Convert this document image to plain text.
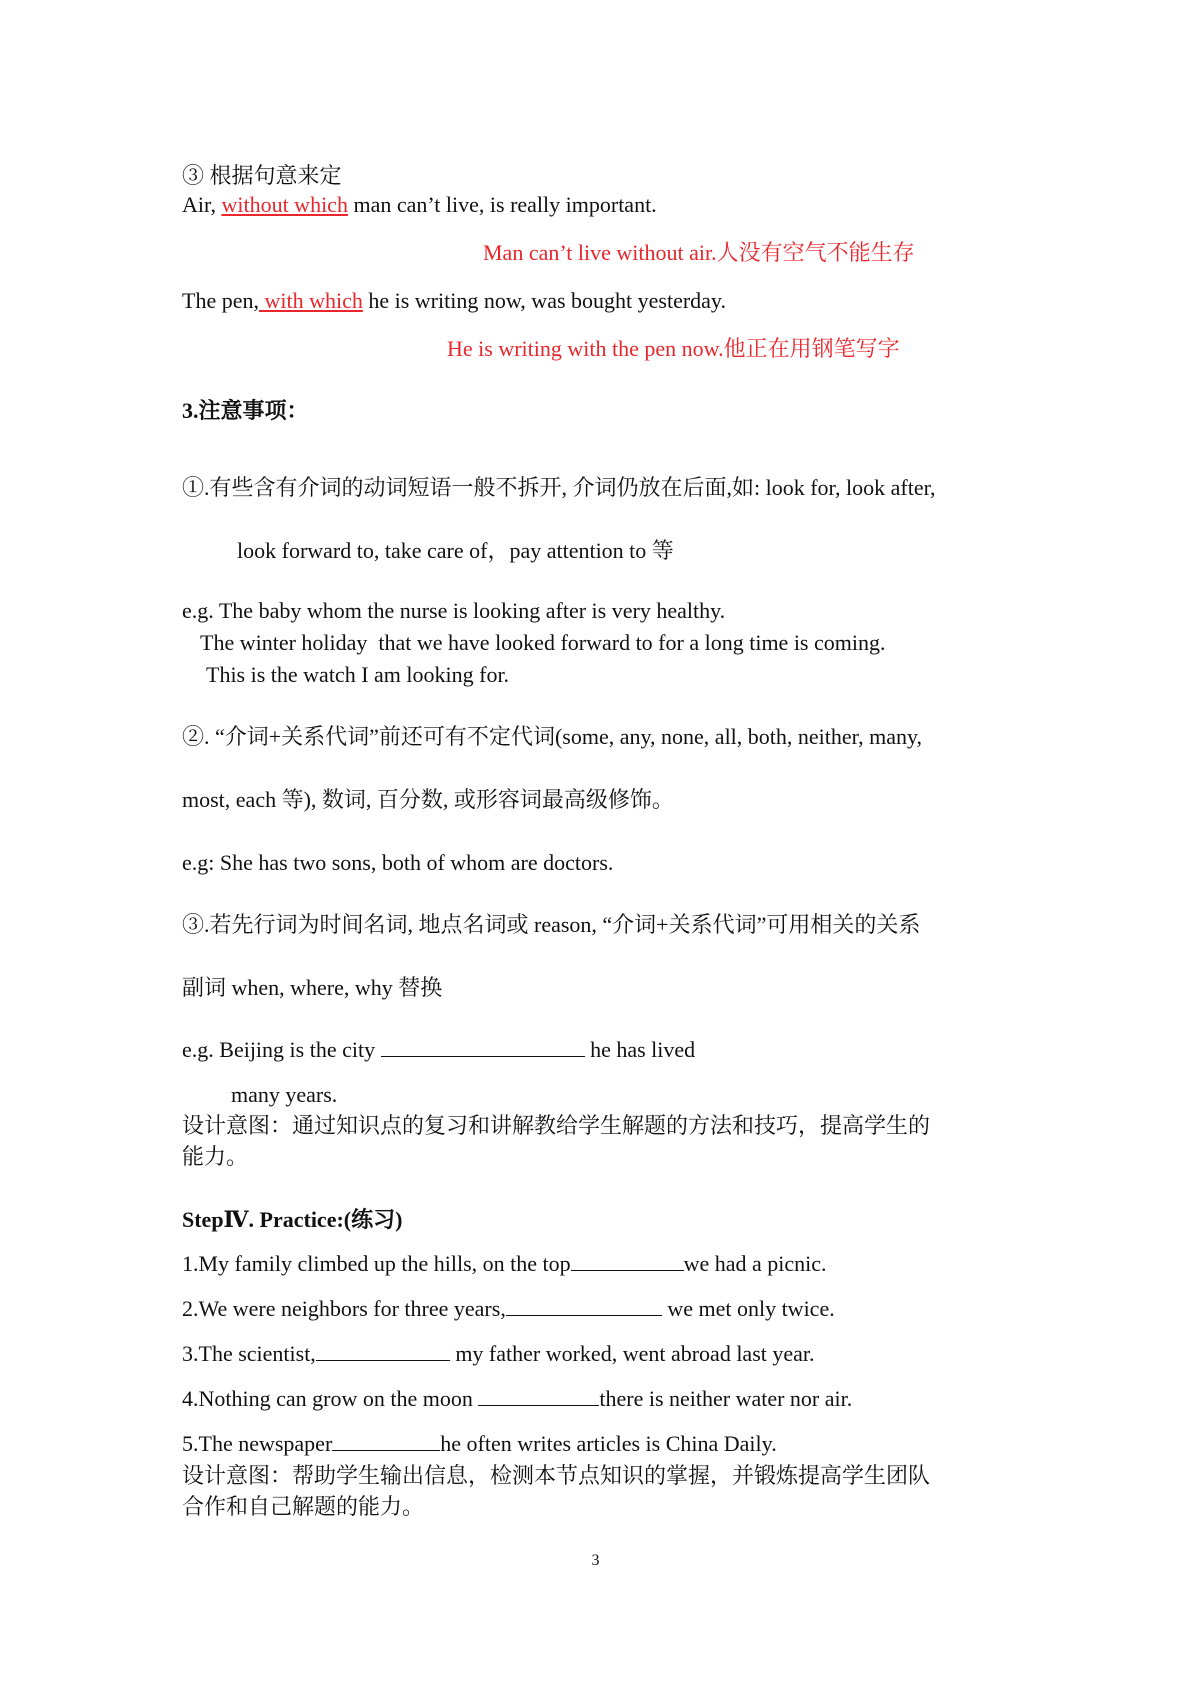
③ 根据句意来定

Air, without which man can’t live, is really important.

Man can’t live without air.人没有空气不能生存

The pen, with which he is writing now, was bought yesterday.

He is writing with the pen now.他正在用钢笔写字

3.注意事项：

①.有些含有介词的动词短语一般不拆开, 介词仍放在后面,如: look for, look after,

look forward to, take care of，pay attention to 等

e.g. The baby whom the nurse is looking after is very healthy.

The winter holiday  that we have looked forward to for a long time is coming.

This is the watch I am looking for.

②. “介词+关系代词”前还可有不定代词(some, any, none, all, both, neither, many,

most, each 等), 数词, 百分数, 或形容词最高级修饰。

e.g: She has two sons, both of whom are doctors.

③.若先行词为时间名词, 地点名词或 reason, “介词+关系代词”可用相关的关系

副词 when, where, why 替换

e.g. Beijing is the city	he has lived

many years.

设计意图：通过知识点的复习和讲解教给学生解题的方法和技巧，提高学生的

能力。

StepⅣ. Practice:(练习)

1.My family climbed up the hills, on the top	we had a picnic.

2.We were neighbors for three years,	we met only twice.

3.The scientist,	my father worked, went abroad last year.

4.Nothing can grow on the moon	there is neither water nor air.

5.The newspaper	he often writes articles is China Daily.

设计意图：帮助学生输出信息，检测本节点知识的掌握，并锻炼提高学生团队

合作和自己解题的能力。

3
